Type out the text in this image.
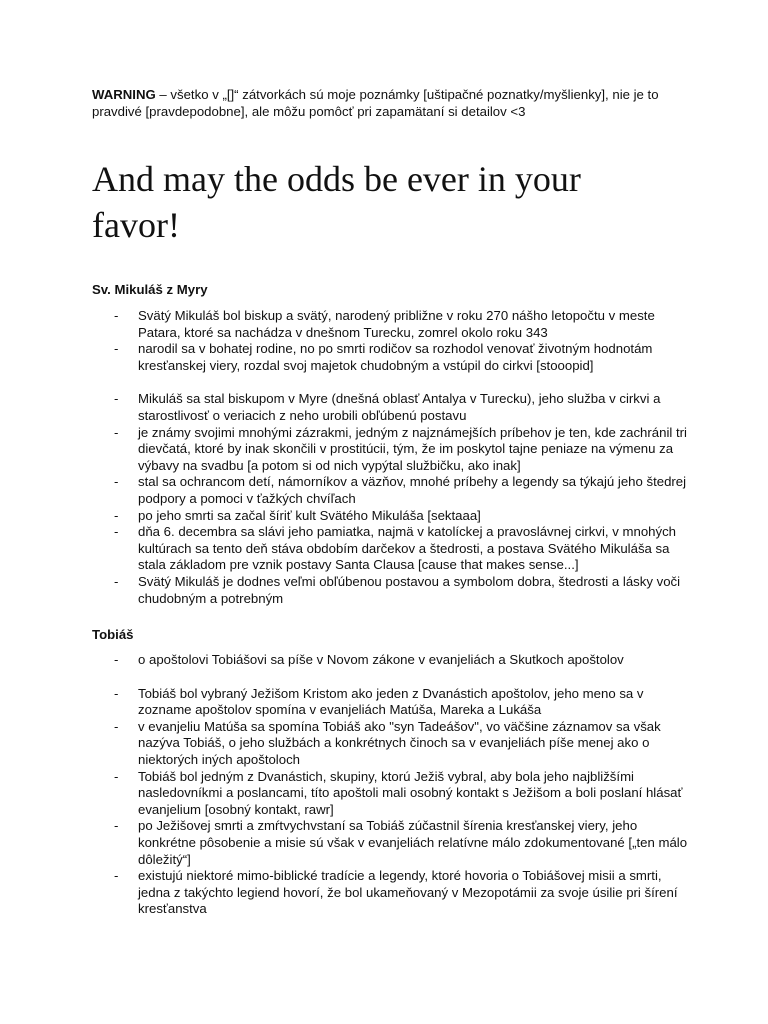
WARNING – všetko v „[]“ zátvorkách sú moje poznámky [uštipačné poznatky/myšlienky], nie je to pravdivé [pravdepodobne], ale môžu pomôcť pri zapamätaní si detailov <3
And may the odds be ever in your favor!
Sv. Mikuláš z Myry
- Svätý Mikuláš bol biskup a svätý, narodený približne v roku 270 nášho letopočtu v meste Patara, ktoré sa nachádza v dnešnom Turecku, zomrel okolo roku 343
- narodil sa v bohatej rodine, no po smrti rodičov sa rozhodol venovať životným hodnotám kresťanskej viery, rozdal svoj majetok chudobným a vstúpil do cirkvi [stooopid]
- Mikuláš sa stal biskupom v Myre (dnešná oblasť Antalya v Turecku), jeho služba v cirkvi a starostlivosť o veriacich z neho urobili obľúbenú postavu
- je známy svojimi mnohými zázrakmi, jedným z najznámejších príbehov je ten, kde zachránil tri dievčatá, ktoré by inak skončili v prostitúcii, tým, že im poskytol tajne peniaze na výmenu za výbavy na svadbu [a potom si od nich vypýtal službičku, ako inak]
- stal sa ochrancom detí, námorníkov a väzňov, mnohé príbehy a legendy sa týkajú jeho štedrej podpory a pomoci v ťažkých chvíľach
- po jeho smrti sa začal šíriť kult Svätého Mikuláša [sektaaa]
- dňa 6. decembra sa slávi jeho pamiatka, najmä v katolíckej a pravoslávnej cirkvi, v mnohých kultúrach sa tento deň stáva obdobím darčekov a štedrosti, a postava Svätého Mikuláša sa stala základom pre vznik postavy Santa Clausa [cause that makes sense...]
- Svätý Mikuláš je dodnes veľmi obľúbenou postavou a symbolom dobra, štedrosti a lásky voči chudobným a potrebným
Tobiáš
- o apoštolovi Tobiášovi sa píše v Novom zákone v evanjeliách a Skutkoch apoštolov
- Tobiáš bol vybraný Ježišom Kristom ako jeden z Dvanástich apoštolov, jeho meno sa v zozname apoštolov spomína v evanjeliách Matúša, Mareka a Lukáša
- v evanjeliu Matúša sa spomína Tobiáš ako "syn Tadeášov", vo väčšine záznamov sa však nazýva Tobiáš, o jeho službách a konkrétnych činoch sa v evanjeliách píše menej ako o niektorých iných apoštoloch
- Tobiáš bol jedným z Dvanástich, skupiny, ktorú Ježiš vybral, aby bola jeho najbližšími nasledovníkmi a poslancami, títo apoštoli mali osobný kontakt s Ježišom a boli poslaní hlásať evanjelium [osobný kontakt, rawr]
- po Ježišovej smrti a zmŕtvychvstaní sa Tobiáš zúčastnil šírenia kresťanskej viery, jeho konkrétne pôsobenie a misie sú však v evanjeliách relatívne málo zdokumentované [„ten málo dôležitý“]
- existujú niektoré mimo-biblické tradície a legendy, ktoré hovoria o Tobiášovej misii a smrti, jedna z takýchto legiend hovorí, že bol ukameňovaný v Mezopotámii za svoje úsilie pri šírení kresťanstva
